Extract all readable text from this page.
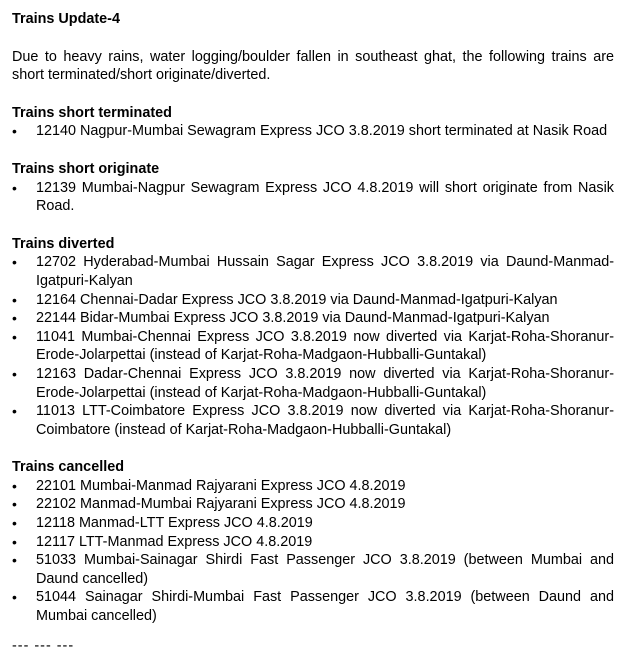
Trains Update-4
Due to heavy rains, water logging/boulder fallen in southeast ghat, the following trains are short terminated/short originate/diverted.
Trains short terminated
• 12140 Nagpur-Mumbai Sewagram Express JCO 3.8.2019 short terminated at Nasik Road
Trains short originate
• 12139 Mumbai-Nagpur Sewagram Express JCO 4.8.2019 will short originate from Nasik Road.
Trains diverted
• 12702 Hyderabad-Mumbai Hussain Sagar Express JCO 3.8.2019 via Daund-Manmad-Igatpuri-Kalyan
• 12164 Chennai-Dadar Express JCO 3.8.2019 via Daund-Manmad-Igatpuri-Kalyan
• 22144 Bidar-Mumbai Express JCO 3.8.2019 via Daund-Manmad-Igatpuri-Kalyan
• 11041 Mumbai-Chennai Express JCO 3.8.2019 now diverted via Karjat-Roha-Shoranur-Erode-Jolarpettai (instead of Karjat-Roha-Madgaon-Hubballi-Guntakal)
• 12163 Dadar-Chennai Express JCO 3.8.2019 now diverted via Karjat-Roha-Shoranur-Erode-Jolarpettai (instead of Karjat-Roha-Madgaon-Hubballi-Guntakal)
• 11013 LTT-Coimbatore Express JCO 3.8.2019 now diverted via Karjat-Roha-Shoranur-Coimbatore (instead of Karjat-Roha-Madgaon-Hubballi-Guntakal)
Trains cancelled
• 22101 Mumbai-Manmad Rajyarani Express JCO 4.8.2019
• 22102 Manmad-Mumbai Rajyarani Express JCO 4.8.2019
• 12118 Manmad-LTT Express JCO 4.8.2019
• 12117 LTT-Manmad Express JCO 4.8.2019
• 51033 Mumbai-Sainagar Shirdi Fast Passenger JCO 3.8.2019 (between Mumbai and Daund cancelled)
• 51044 Sainagar Shirdi-Mumbai Fast Passenger JCO 3.8.2019 (between Daund and Mumbai cancelled)
--- --- ---
